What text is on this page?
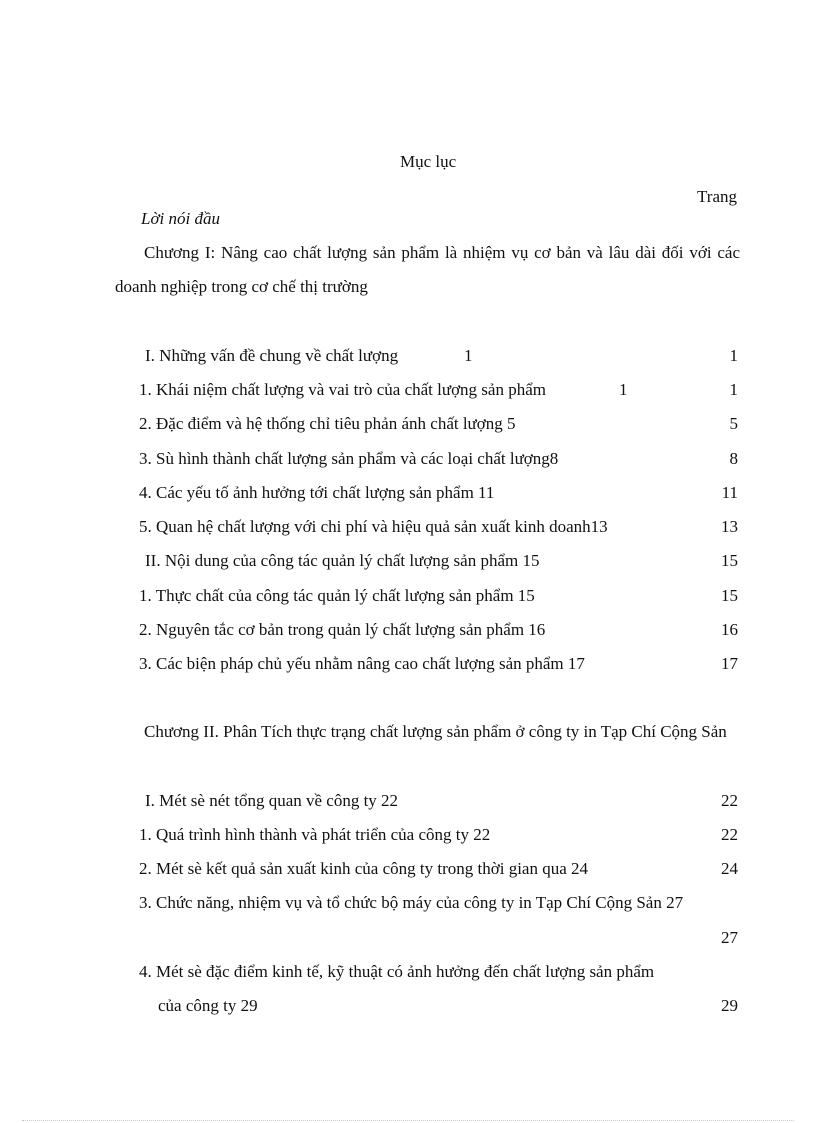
Mục lục
Trang
Lời nói đầu
Chương I: Nâng cao chất lượng sản phẩm là nhiệm vụ cơ bản và lâu dài đối với các doanh nghiệp trong cơ chế thị trường
I. Những vấn đề chung về chất lượng	1	1
1. Khái niệm chất lượng và vai trò của chất lượng sản phẩm	1	1
2. Đặc điểm và hệ thống chỉ tiêu phản ánh chất lượng 5	5
3. Sù hình thành chất lượng sản phẩm và các loại chất lượng8	8
4. Các yếu tố ảnh hưởng tới chất lượng sản phẩm 11	11
5. Quan hệ chất lượng với chi phí và hiệu quả sản xuất kinh doanh13	13
II. Nội dung của công tác quản lý chất lượng sản phẩm 15	15
1. Thực chất của công tác quản lý chất lượng sản phẩm 15	15
2. Nguyên tắc cơ bản trong quản lý chất lượng sản phẩm 16	16
3. Các biện pháp chủ yếu nhằm nâng cao chất lượng sản phẩm 17	17
Chương II. Phân Tích thực trạng chất lượng sản phẩm ở công ty in Tạp Chí Cộng Sản
I. Mét sè nét tổng quan về công ty 22	22
1. Quá trình hình thành và phát triển của công ty 22	22
2. Mét sè kết quả sản xuất kinh của công ty trong thời gian qua 24	24
3. Chức năng, nhiệm vụ và tổ chức bộ máy của công ty in Tạp Chí Cộng Sản 27
27
4. Mét sè đặc điểm kinh tế, kỹ thuật có ảnh hưởng đến chất lượng sản phẩm
của công ty 29	29
